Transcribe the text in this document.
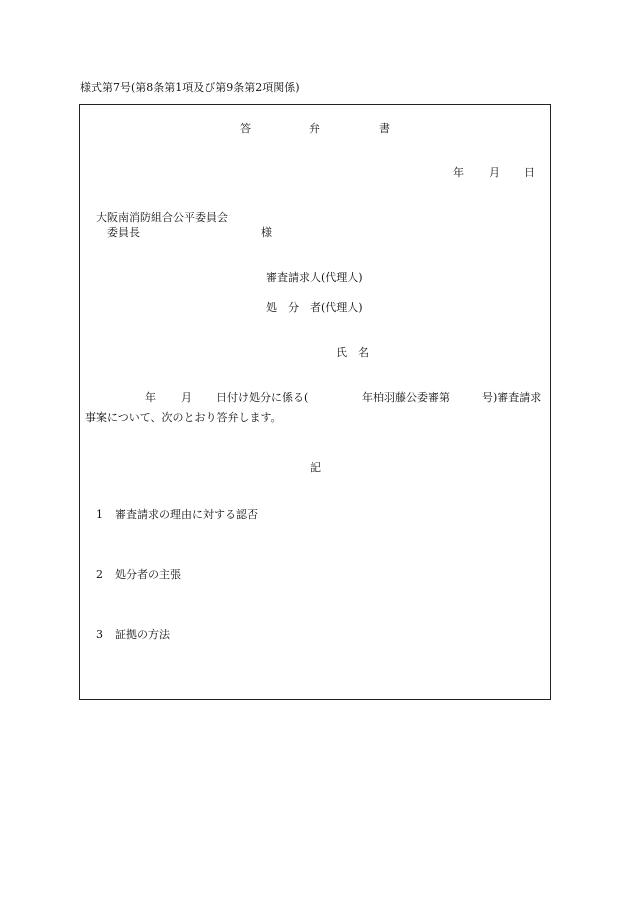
様式第7号(第8条第1項及び第9条第2項関係)
答	弁	書
年 月 日
大阪南消防組合公平委員会
委員長	様
審査請求人(代理人)
処　分　者(代理人)
氏　名
年 月 日付け処分に係る(	年柏羽藤公委審第	号)審査請求
事案について、次のとおり答弁します。
記
1 審査請求の理由に対する認否
2 処分者の主張
3 証拠の方法
